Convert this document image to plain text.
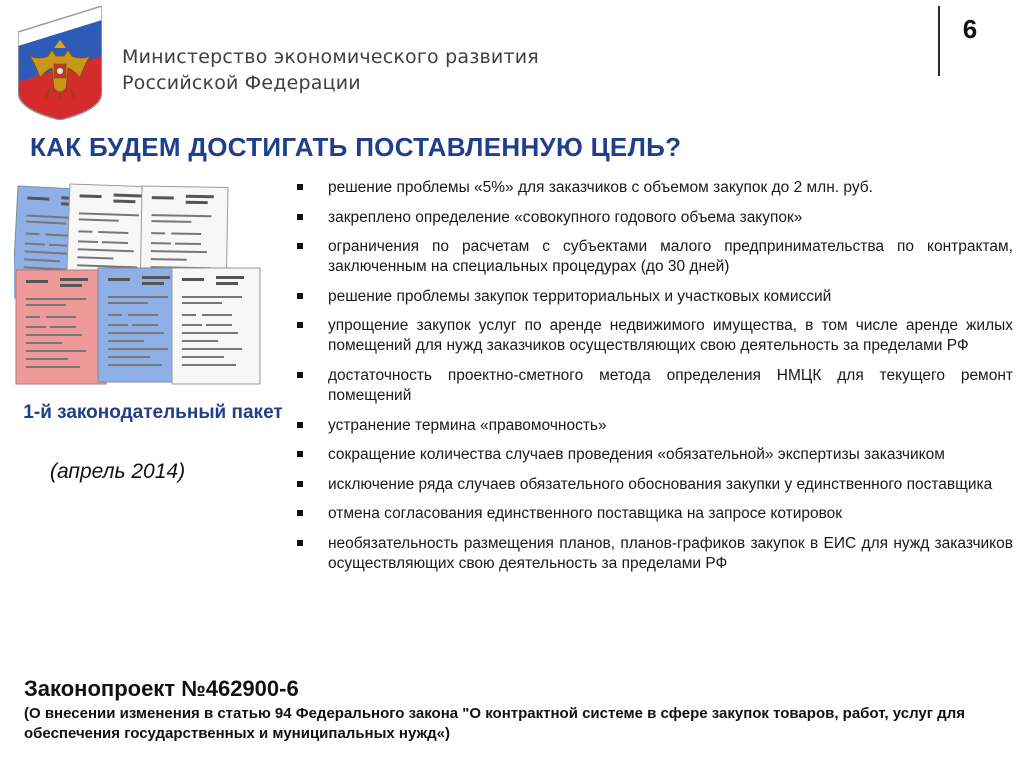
Министерство экономического развития
Российской Федерации
6
КАК БУДЕМ ДОСТИГАТЬ ПОСТАВЛЕННУЮ ЦЕЛЬ?
1-й законодательный пакет
(апрель 2014)
решение проблемы «5%» для заказчиков с объемом закупок до 2 млн. руб.
закреплено определение «совокупного годового объема закупок»
ограничения по расчетам с субъектами малого предпринимательства по контрактам, заключенным на специальных процедурах (до 30 дней)
решение проблемы закупок территориальных и участковых комиссий
упрощение закупок услуг по аренде недвижимого имущества, в том числе аренде жилых помещений для нужд заказчиков осуществляющих свою деятельность за пределами РФ
достаточность проектно-сметного метода определения НМЦК для текущего ремонт помещений
устранение термина «правомочность»
сокращение количества случаев проведения «обязательной» экспертизы заказчиком
исключение ряда случаев обязательного обоснования закупки у единственного поставщика
отмена согласования единственного поставщика на запросе котировок
необязательность размещения планов, планов-графиков закупок в ЕИС для нужд заказчиков осуществляющих свою деятельность за пределами РФ
Законопроект №462900-6
(О внесении изменения в статью 94 Федерального закона "О контрактной системе в сфере закупок товаров, работ, услуг для обеспечения государственных и муниципальных нужд«)
